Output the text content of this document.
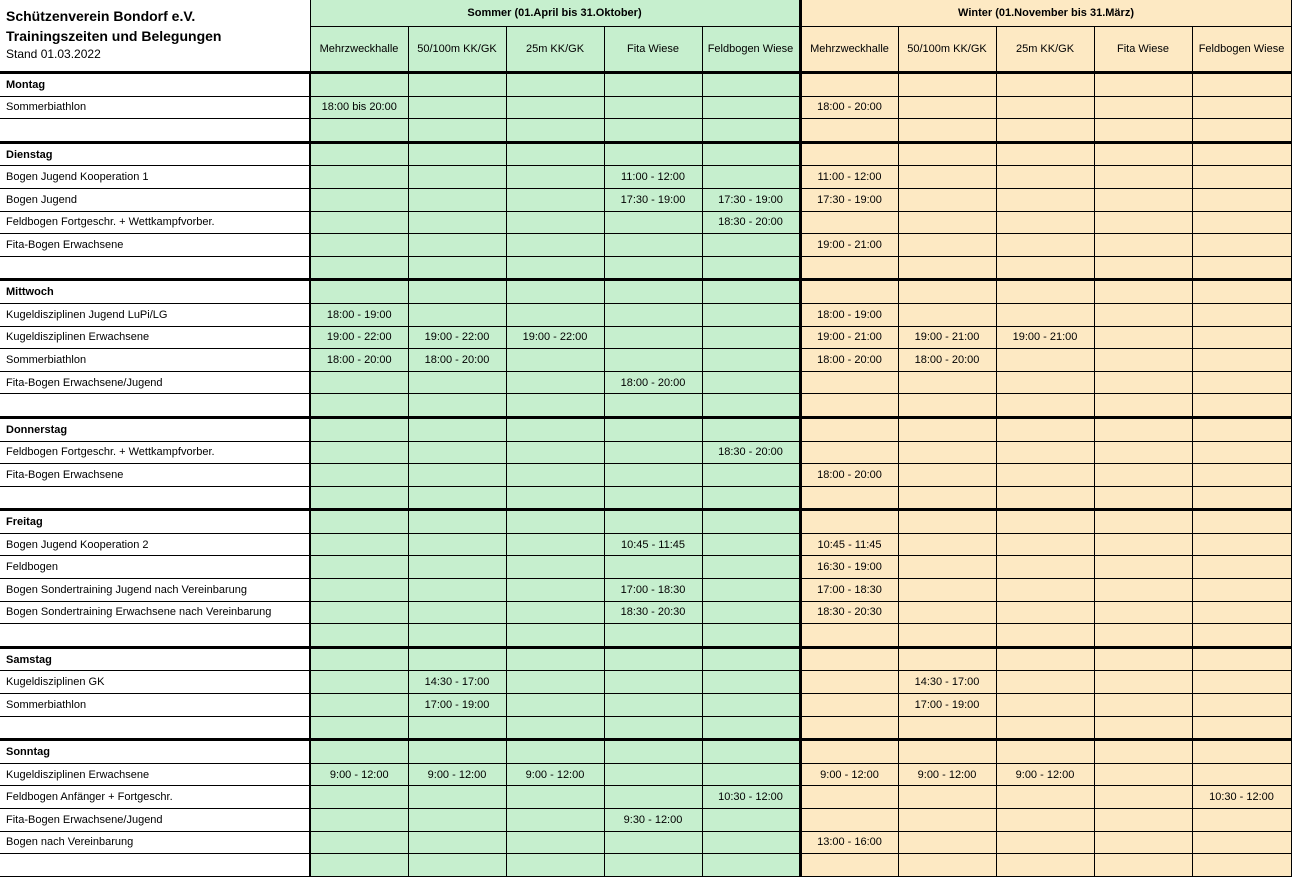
Schützenverein Bondorf e.V.
Trainingszeiten und Belegungen
Stand 01.03.2022	Sommer (01.April bis 31.Oktober)					Winter (01.November bis 31.März)				
	Mehrzweckhalle	50/100m KK/GK	25m KK/GK	Fita Wiese	Feldbogen Wiese	Mehrzweckhalle	50/100m KK/GK	25m KK/GK	Fita Wiese	Feldbogen Wiese
Montag										
Sommerbiathlon	18:00 bis 20:00					18:00 - 20:00				

Dienstag										
Bogen Jugend Kooperation 1				11:00 - 12:00		11:00 - 12:00				
Bogen Jugend				17:30 - 19:00	17:30 - 19:00	17:30 - 19:00				
Feldbogen Fortgeschr. + Wettkampfvorber.					18:30 - 20:00					
Fita-Bogen Erwachsene						19:00 - 21:00				

Mittwoch										
Kugeldisziplinen Jugend LuPi/LG	18:00 - 19:00					18:00 - 19:00				
Kugeldisziplinen Erwachsene	19:00 - 22:00	19:00 - 22:00	19:00 - 22:00			19:00 - 21:00	19:00 - 21:00	19:00 - 21:00		
Sommerbiathlon	18:00 - 20:00	18:00 - 20:00				18:00 - 20:00	18:00 - 20:00			
Fita-Bogen Erwachsene/Jugend				18:00 - 20:00						

Donnerstag										
Feldbogen Fortgeschr. + Wettkampfvorber.					18:30 - 20:00					
Fita-Bogen Erwachsene						18:00 - 20:00				

Freitag										
Bogen Jugend Kooperation 2				10:45 - 11:45		10:45 - 11:45				
Feldbogen						16:30 - 19:00				
Bogen Sondertraining Jugend nach Vereinbarung				17:00 - 18:30		17:00 - 18:30				
Bogen Sondertraining Erwachsene nach Vereinbarung				18:30 - 20:30		18:30 - 20:30				

Samstag										
Kugeldisziplinen GK		14:30 - 17:00					14:30 - 17:00			
Sommerbiathlon		17:00 - 19:00					17:00 - 19:00			

Sonntag										
Kugeldisziplinen Erwachsene	9:00 - 12:00	9:00 - 12:00	9:00 - 12:00			9:00 - 12:00	9:00 - 12:00	9:00 - 12:00		
Feldbogen Anfänger + Fortgeschr.					10:30 - 12:00					10:30 - 12:00
Fita-Bogen Erwachsene/Jugend				9:30 - 12:00						
Bogen nach Vereinbarung						13:00 - 16:00				
